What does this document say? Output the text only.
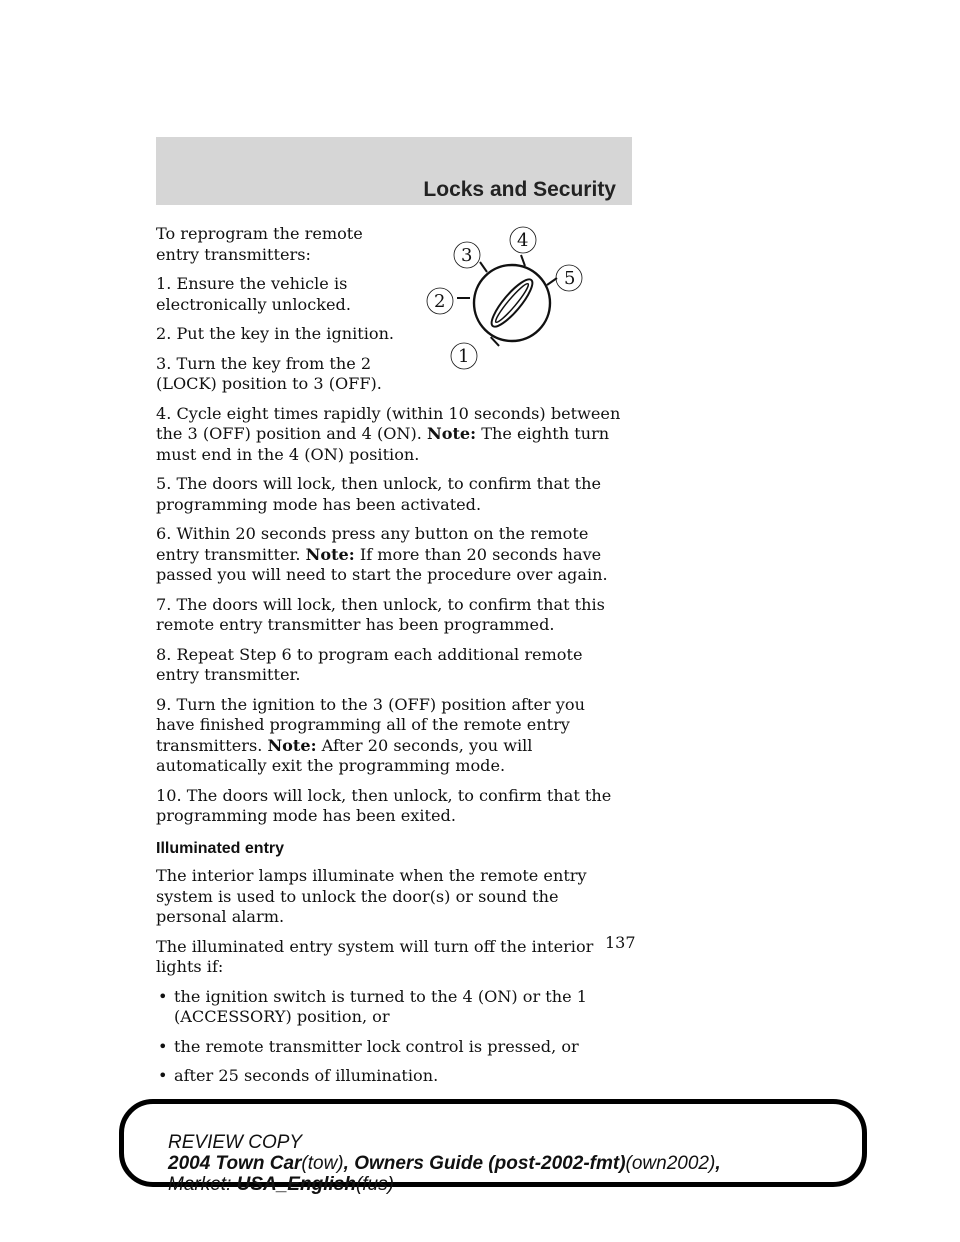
Locks and Security
1
2
3
4
5

To reprogram the remote entry transmitters:

1. Ensure the vehicle is electronically unlocked.

2. Put the key in the ignition.

3. Turn the key from the 2 (LOCK) position to 3 (OFF).

4. Cycle eight times rapidly (within 10 seconds) between the 3 (OFF) position and 4 (ON). Note: The eighth turn must end in the 4 (ON) position.

5. The doors will lock, then unlock, to confirm that the programming mode has been activated.

6. Within 20 seconds press any button on the remote entry transmitter. Note: If more than 20 seconds have passed you will need to start the procedure over again.

7. The doors will lock, then unlock, to confirm that this remote entry transmitter has been programmed.

8. Repeat Step 6 to program each additional remote entry transmitter.

9. Turn the ignition to the 3 (OFF) position after you have finished programming all of the remote entry transmitters. Note: After 20 seconds, you will automatically exit the programming mode.

10. The doors will lock, then unlock, to confirm that the programming mode has been exited.

Illuminated entry

The interior lamps illuminate when the remote entry system is used to unlock the door(s) or sound the personal alarm.

The illuminated entry system will turn off the interior lights if:

• the ignition switch is turned to the 4 (ON) or the 1 (ACCESSORY) position, or
• the remote transmitter lock control is pressed, or
• after 25 seconds of illumination.

137
REVIEW COPY
2004 Town Car(tow), Owners Guide (post-2002-fmt)(own2002),
Market: USA_English(fus)
